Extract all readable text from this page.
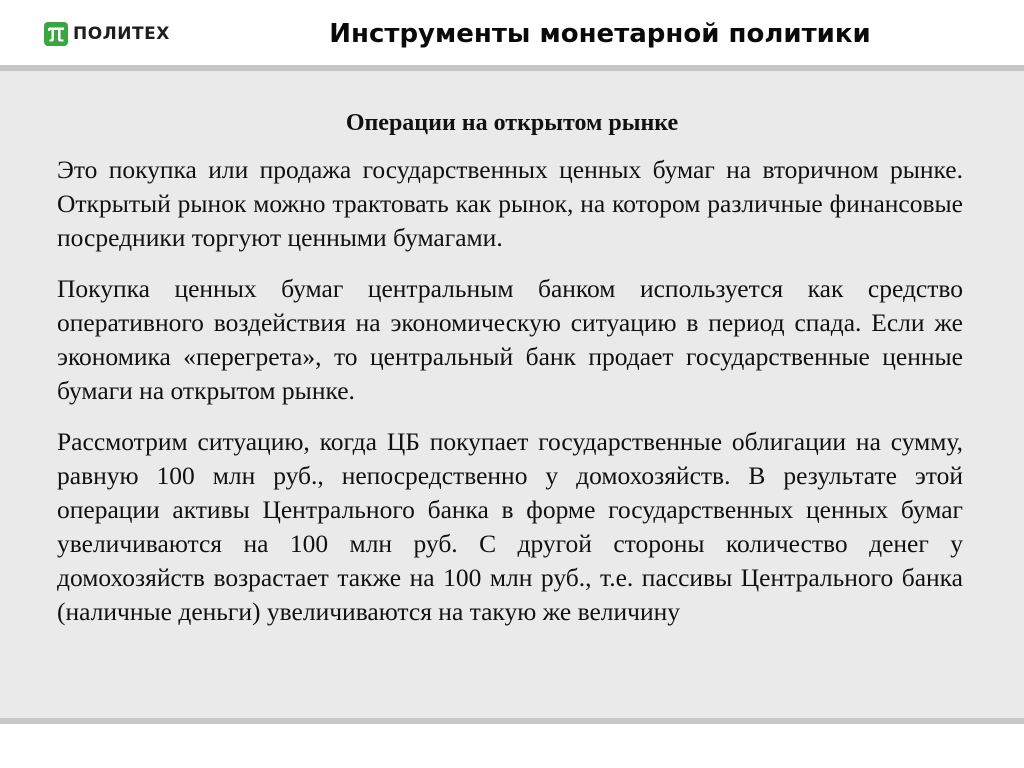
ПОЛИТЕХ	Инструменты монетарной политики
Операции на открытом рынке

Это покупка или продажа государственных ценных бумаг на вторичном рынке. Открытый рынок можно трактовать как рынок, на котором различные финансовые посредники торгуют ценными бумагами.

Покупка ценных бумаг центральным банком используется как средство оперативного воздействия на экономическую ситуацию в период спада. Если же экономика «перегрета», то центральный банк продает государственные ценные бумаги на открытом рынке.

Рассмотрим ситуацию, когда ЦБ покупает государственные облигации на сумму, равную 100 млн руб., непосредственно у домохозяйств. В результате этой операции активы Центрального банка в форме государственных ценных бумаг увеличиваются на 100 млн руб. С другой стороны количество денег у домохозяйств возрастает также на 100 млн руб., т.е. пассивы Центрального банка (наличные деньги) увеличиваются на такую же величину
